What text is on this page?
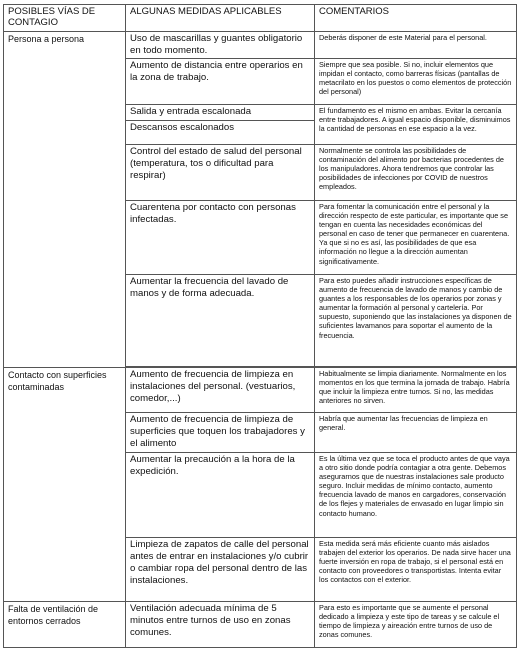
POSIBLES VÍAS DE CONTAGIO	ALGUNAS MEDIDAS APLICABLES	COMENTARIOS
Persona a persona	Uso de mascarillas y guantes obligatorio en todo momento.	Deberás disponer de este Material para el personal.
	Aumento de distancia entre operarios en la zona de trabajo.	Siempre que sea posible. Si no, incluir elementos que impidan el contacto, como barreras físicas (pantallas de metacrilato en los puestos o como elementos de protección del personal)
	Salida y entrada escalonada	El fundamento es el mismo en ambas. Evitar la cercanía entre trabajadores. A igual espacio disponible, disminuimos la cantidad de personas en ese espacio a la vez.
	Descansos escalonados	
	Control del estado de salud del personal (temperatura, tos o dificultad para respirar)	Normalmente se controla las posibilidades de contaminación del alimento por bacterias procedentes de los manipuladores. Ahora tendremos que controlar las posibilidades de infecciones por COVID de nuestros empleados.
	Cuarentena por contacto con personas infectadas.	Para fomentar la comunicación entre el personal y la dirección respecto de este particular, es importante que se tengan en cuenta las necesidades económicas del personal en caso de tener que permanecer en cuarentena. Ya que si no es así, las posibilidades de que esa información no llegue a la dirección aumentan significativamente.
	Aumentar la frecuencia del lavado de manos y de forma adecuada.	Para esto puedes añadir instrucciones específicas de aumento de frecuencia de lavado de manos y cambio de guantes a los responsables de los operarios por zonas y aumentar la formación al personal y cartelería. Por supuesto, suponiendo que las instalaciones ya disponen de suficientes lavamanos para soportar el aumento de la frecuencia.

Contacto con superficies contaminadas	Aumento de frecuencia de limpieza en instalaciones del personal. (vestuarios, comedor,...)	Habitualmente se limpia diariamente. Normalmente en los momentos en los que termina la jornada de trabajo. Habría que incluir la limpieza entre turnos. Si no, las medidas anteriores no sirven.
	Aumento de frecuencia de limpieza de superficies que toquen los trabajadores y el alimento	Habría que aumentar las frecuencias de limpieza en general.
	Aumentar la precaución a la hora de la expedición.	Es la última vez que se toca el producto antes de que vaya a otro sitio donde podría contagiar a otra gente. Debemos asegurarnos que de nuestras instalaciones sale producto seguro. Incluir medidas de mínimo contacto, aumento frecuencia lavado de manos en cargadores, conservación de los flejes y materiales de envasado en lugar limpio sin contacto humano.
	Limpieza de zapatos de calle del personal antes de entrar en instalaciones y/o cubrir o cambiar ropa del personal dentro de las instalaciones.	Esta medida será más eficiente cuanto más aislados trabajen del exterior los operarios. De nada sirve hacer una fuerte inversión en ropa de trabajo, si el personal está en contacto con proveedores o transportistas. Intenta evitar los contactos con el exterior.
Falta de ventilación de entornos cerrados	Ventilación adecuada mínima de 5 minutos entre turnos de uso en zonas comunes.	Para esto es importante que se aumente el personal dedicado a limpieza y este tipo de tareas y se calcule el tiempo de limpieza y aireación entre turnos de uso de zonas comunes.
